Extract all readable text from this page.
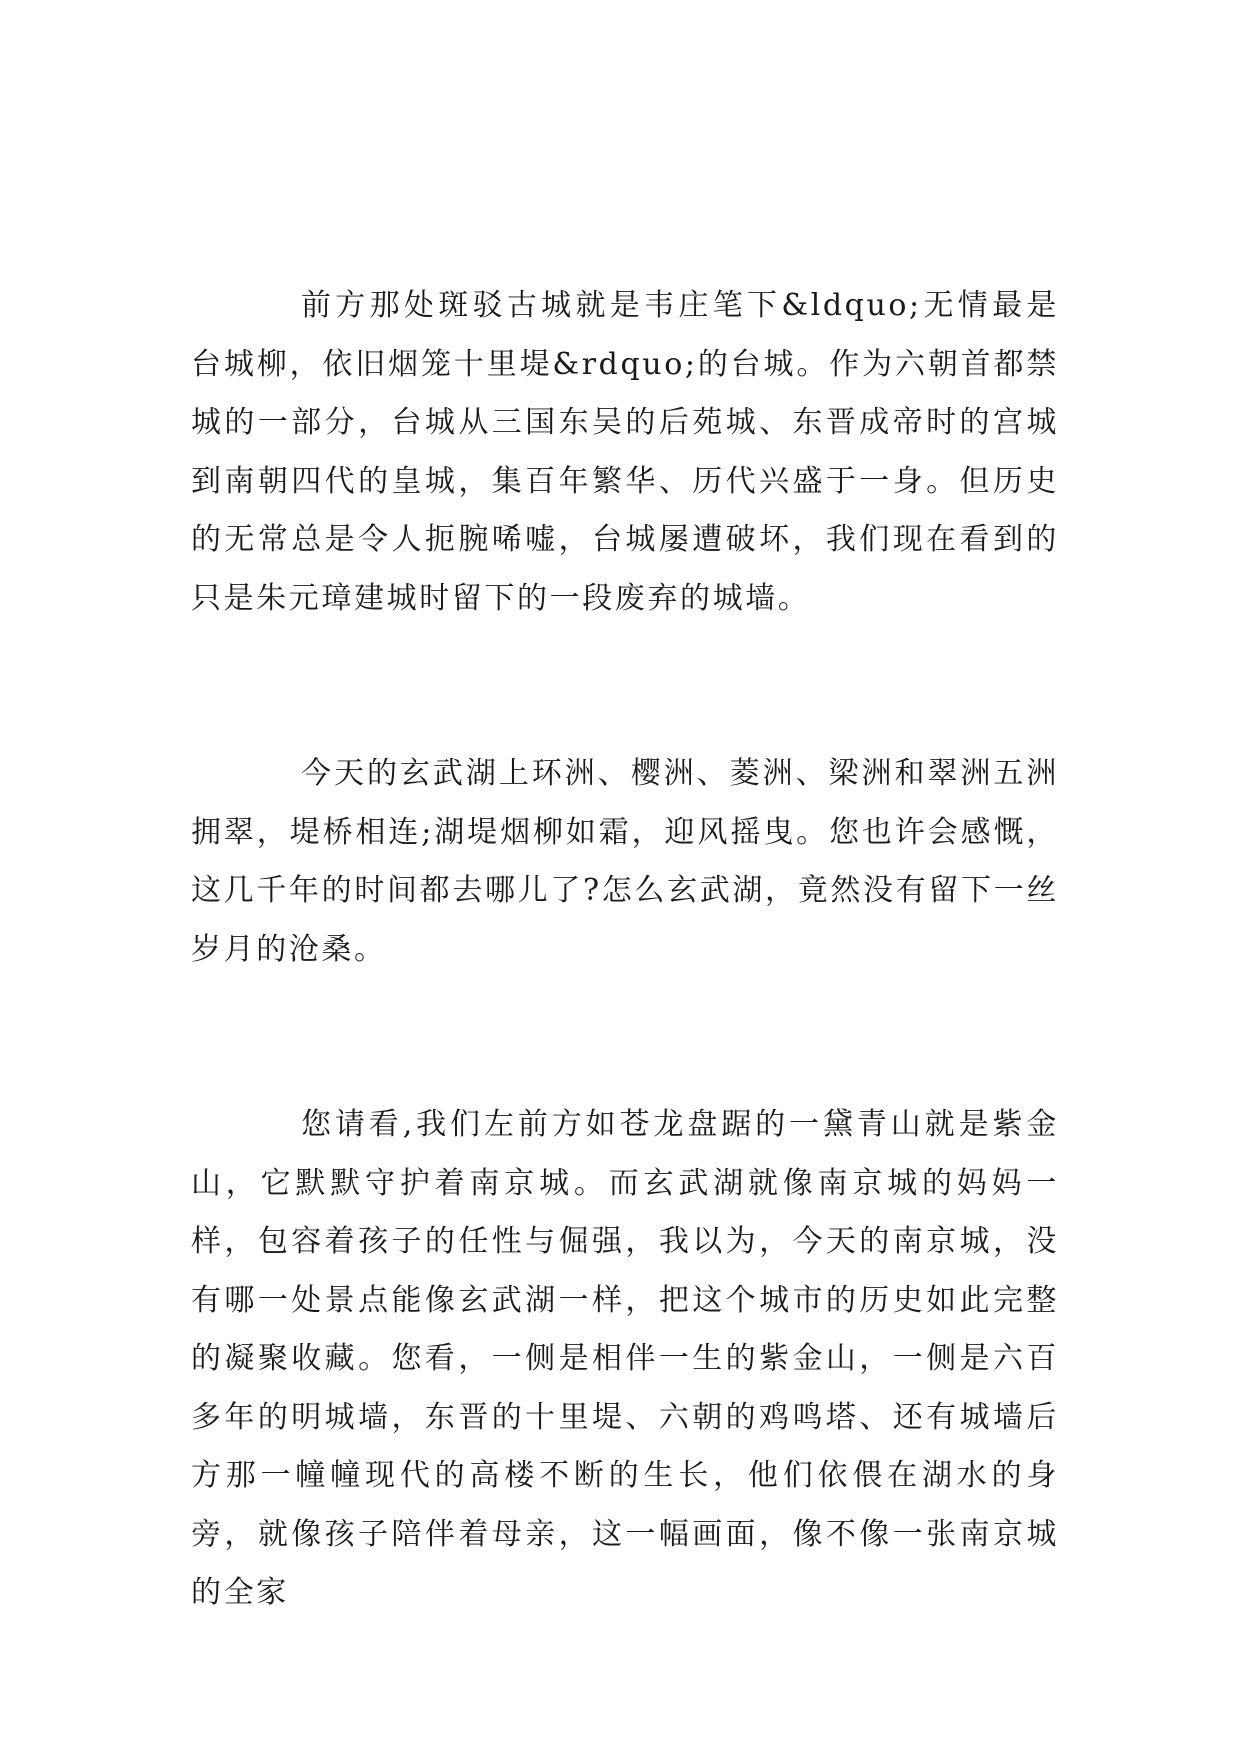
前方那处斑驳古城就是韦庄笔下&ldquo;无情最是台城柳，依旧烟笼十里堤&rdquo;的台城。作为六朝首都禁城的一部分，台城从三国东吴的后苑城、东晋成帝时的宫城到南朝四代的皇城，集百年繁华、历代兴盛于一身。但历史的无常总是令人扼腕唏嘘，台城屡遭破坏，我们现在看到的只是朱元璋建城时留下的一段废弃的城墙。

今天的玄武湖上环洲、樱洲、菱洲、梁洲和翠洲五洲拥翠，堤桥相连;湖堤烟柳如霜，迎风摇曳。您也许会感慨，这几千年的时间都去哪儿了?怎么玄武湖，竟然没有留下一丝岁月的沧桑。

您请看,我们左前方如苍龙盘踞的一黛青山就是紫金山，它默默守护着南京城。而玄武湖就像南京城的妈妈一样，包容着孩子的任性与倔强，我以为，今天的南京城，没有哪一处景点能像玄武湖一样，把这个城市的历史如此完整的凝聚收藏。您看，一侧是相伴一生的紫金山，一侧是六百多年的明城墙，东晋的十里堤、六朝的鸡鸣塔、还有城墙后方那一幢幢现代的高楼不断的生长，他们依偎在湖水的身旁，就像孩子陪伴着母亲，这一幅画面，像不像一张南京城的全家
